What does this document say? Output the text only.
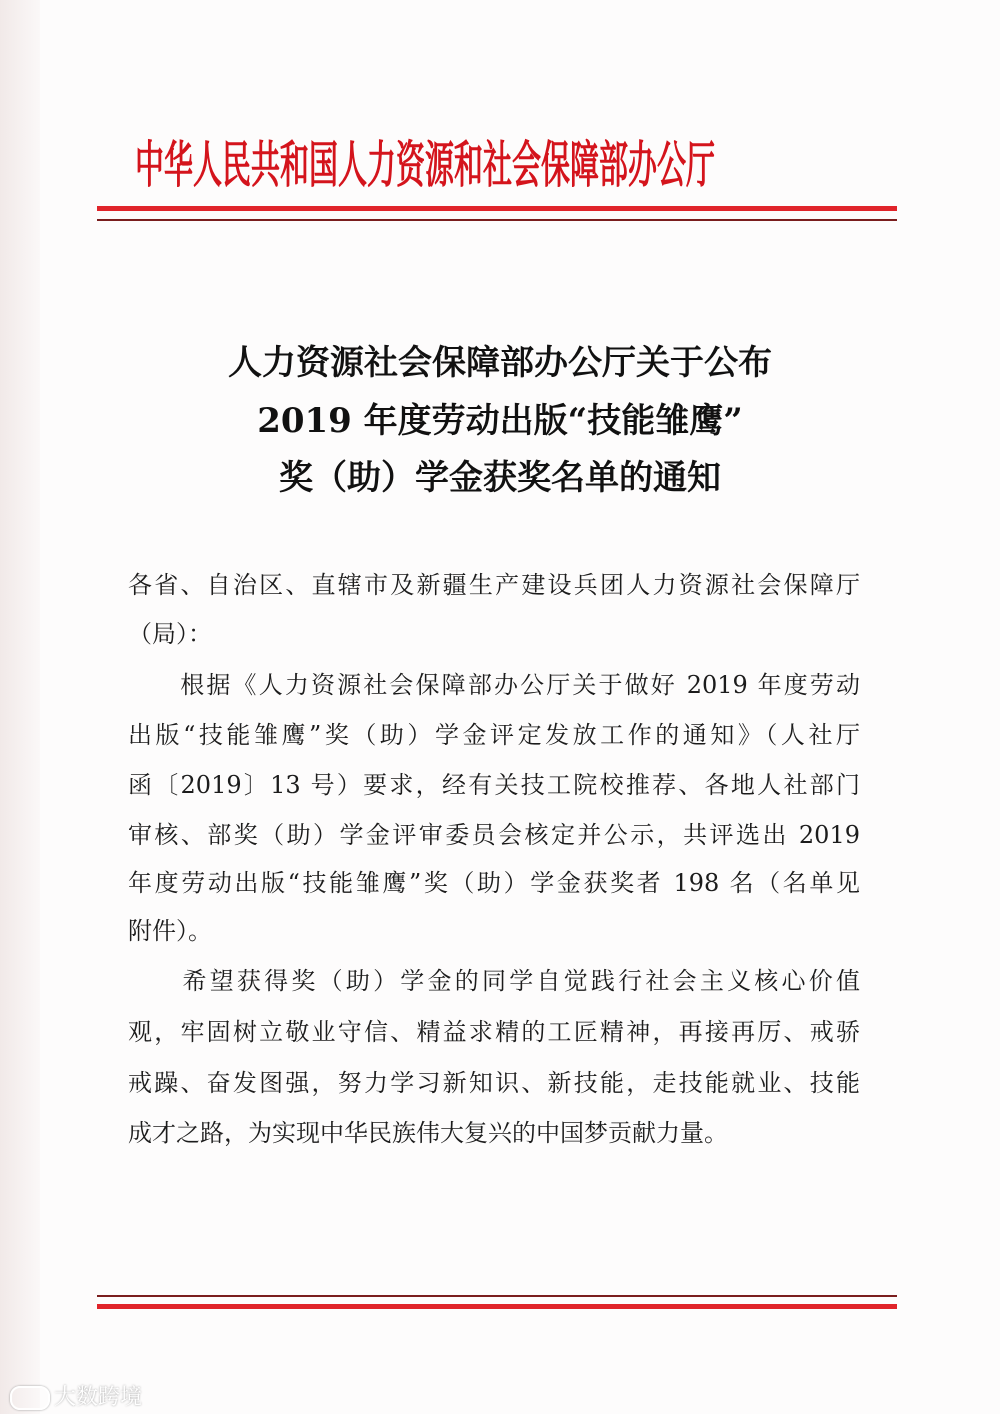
中华人民共和国人力资源和社会保障部办公厅
人力资源社会保障部办公厅关于公布
2019 年度劳动出版“技能雏鹰”
奖（助）学金获奖名单的通知
各省、自治区、直辖市及新疆生产建设兵团人力资源社会保障厅
（局）：
　　根据《人力资源社会保障部办公厅关于做好 2019 年度劳动
出版“技能雏鹰”奖（助）学金评定发放工作的通知》（人社厅
函〔2019〕13 号）要求，经有关技工院校推荐、各地人社部门
审核、部奖（助）学金评审委员会核定并公示，共评选出 2019
年度劳动出版“技能雏鹰”奖（助）学金获奖者 198 名（名单见
附件）。
　　希望获得奖（助）学金的同学自觉践行社会主义核心价值
观，牢固树立敬业守信、精益求精的工匠精神，再接再厉、戒骄
戒躁、奋发图强，努力学习新知识、新技能，走技能就业、技能
成才之路，为实现中华民族伟大复兴的中国梦贡献力量。
大数跨境
